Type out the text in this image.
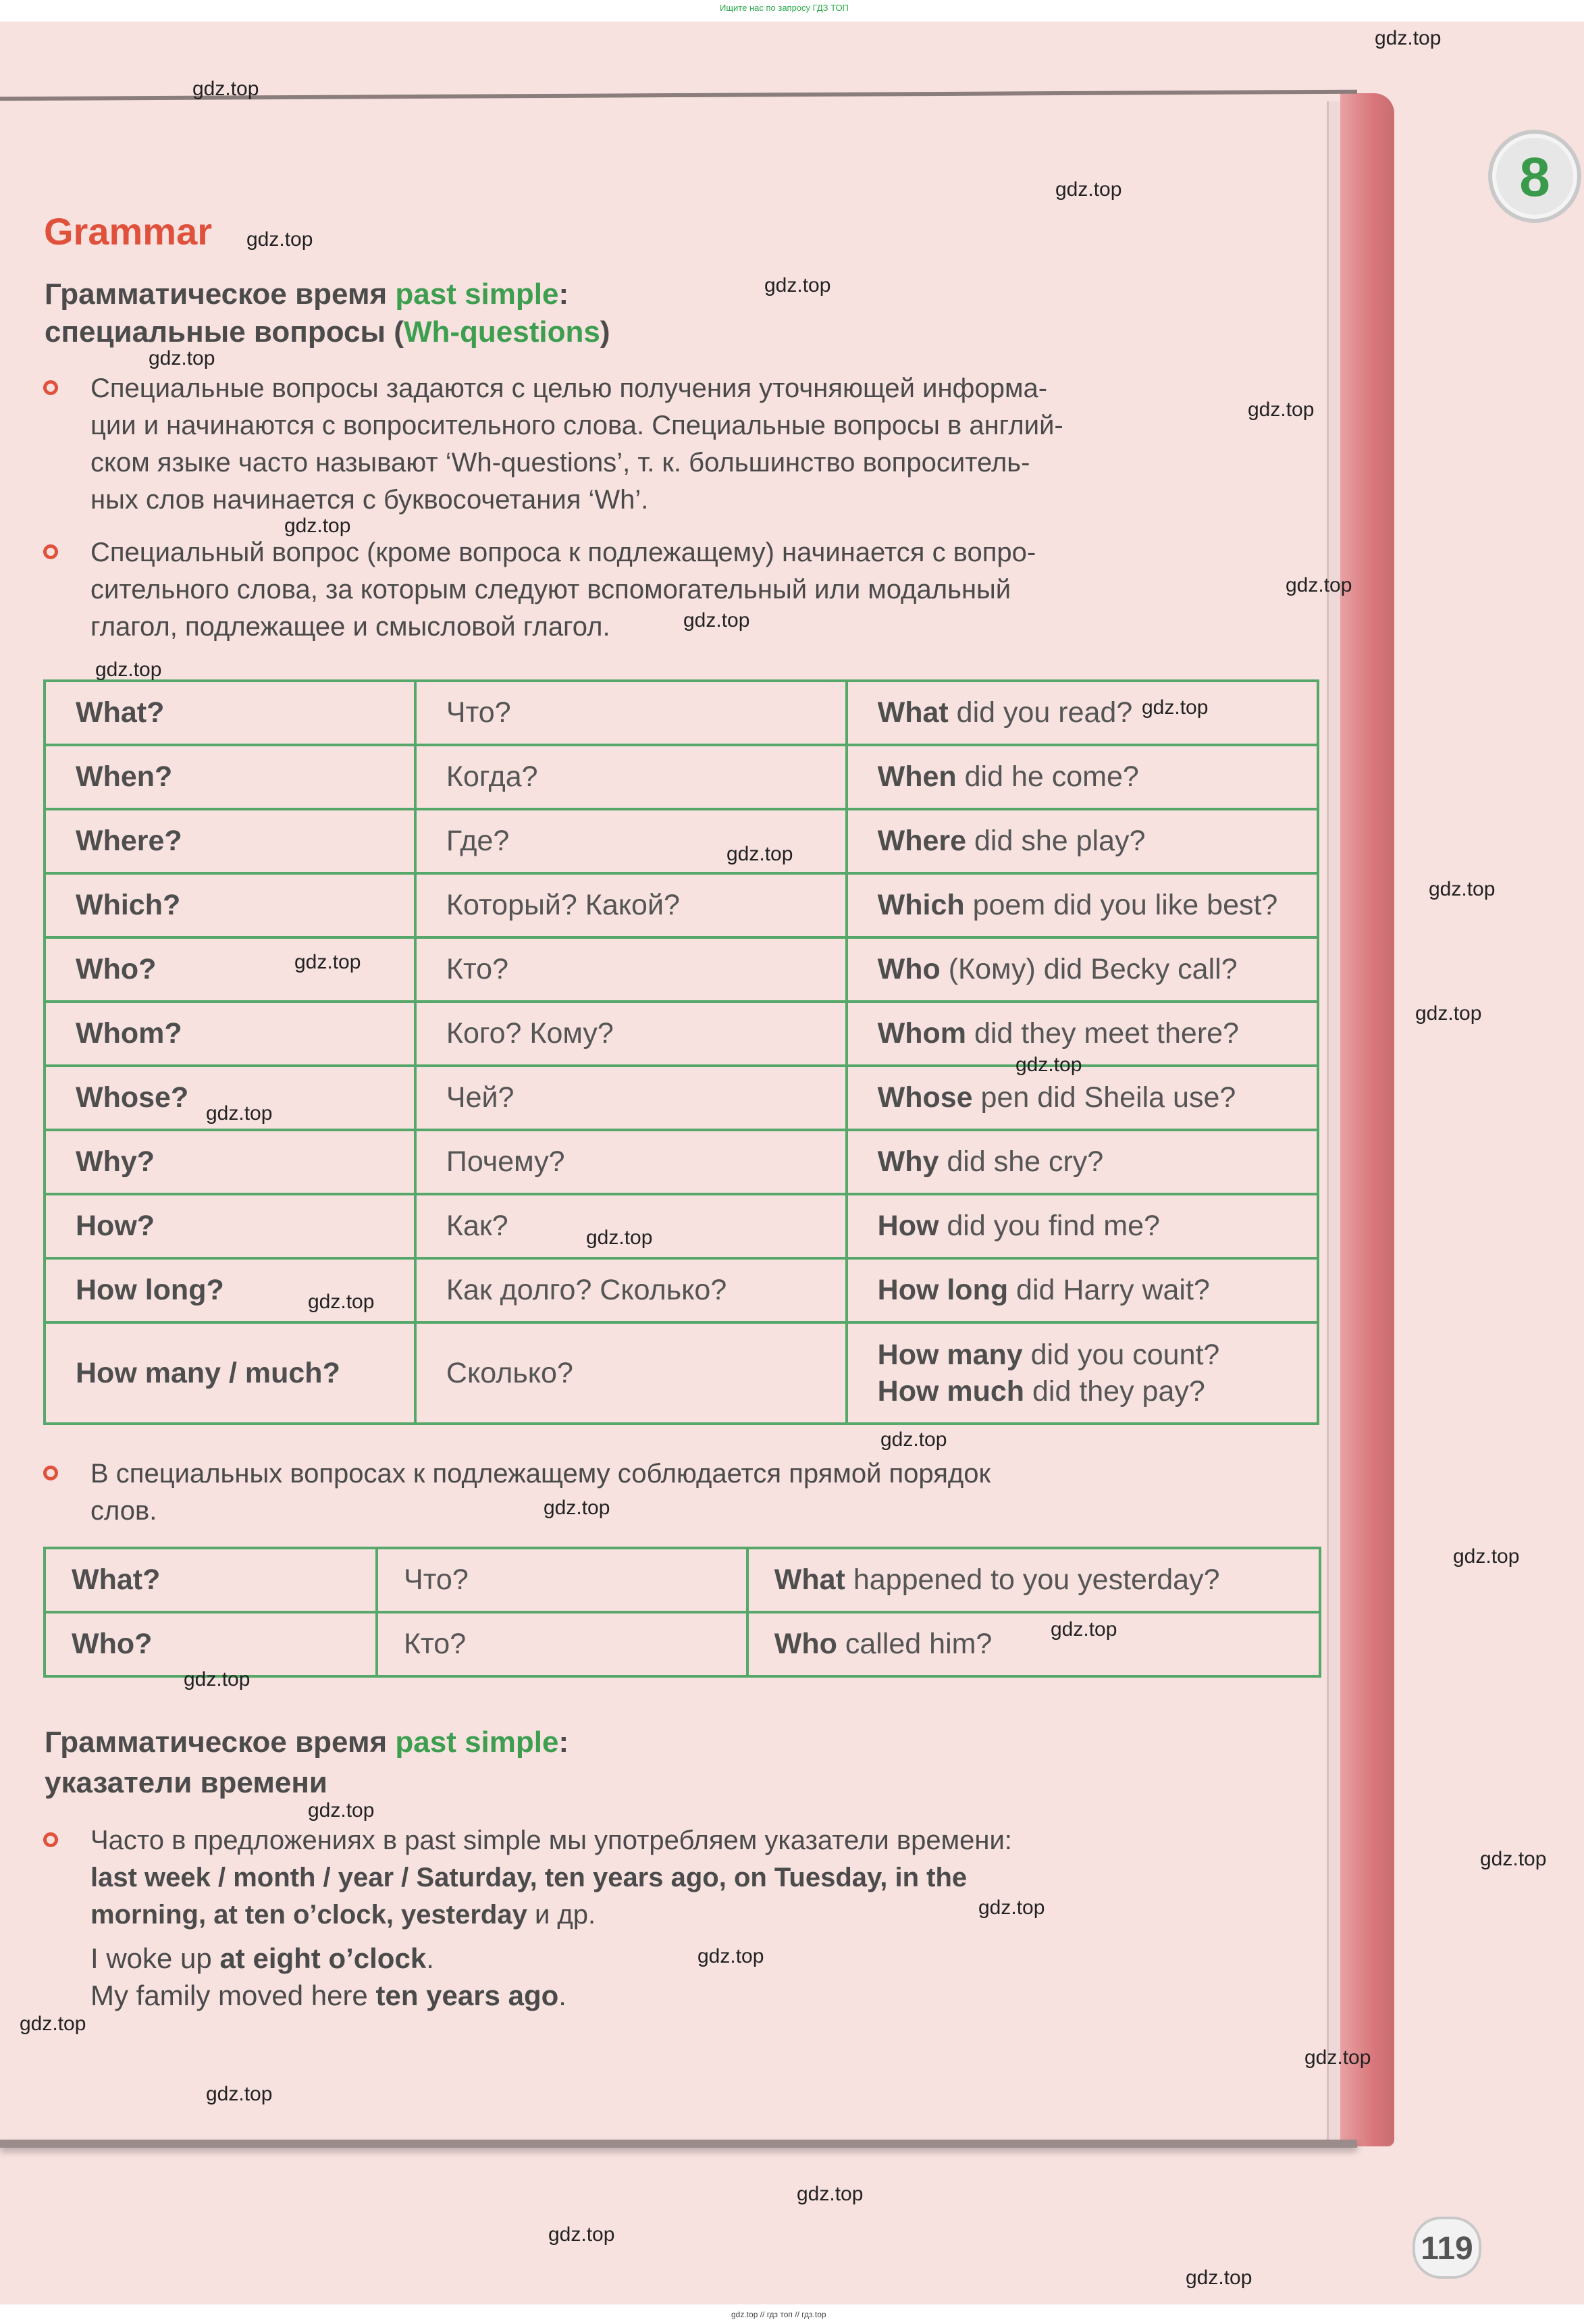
Ищите нас по запросу ГДЗ ТОП
8
Grammar
Грамматическое время past simple:
специальные вопросы (Wh-questions)
Специальные вопросы задаются с целью получения уточняющей информа-
ции и начинаются с вопросительного слова. Специальные вопросы в англий-
ском языке часто называют ‘Wh-questions’, т. к. большинство вопроситель-
ных слов начинается с буквосочетания ‘Wh’.
Специальный вопрос (кроме вопроса к подлежащему) начинается с вопро-
сительного слова, за которым следуют вспомогательный или модальный
глагол, подлежащее и смысловой глагол.
What?	Что?	What did you read?
When?	Когда?	When did he come?
Where?	Где?	Where did she play?
Which?	Который? Какой?	Which poem did you like best?
Who?	Кто?	Who (Кому) did Becky call?
Whom?	Кого? Кому?	Whom did they meet there?
Whose?	Чей?	Whose pen did Sheila use?
Why?	Почему?	Why did she cry?
How?	Как?	How did you find me?
How long?	Как долго? Сколько?	How long did Harry wait?
How many / much?	Сколько?	How many did you count?
How much did they pay?
В специальных вопросах к подлежащему соблюдается прямой порядок
слов.
What?	Что?	What happened to you yesterday?
Who?	Кто?	Who called him?
Грамматическое время past simple:
указатели времени
Часто в предложениях в past simple мы употребляем указатели времени:
last week / month / year / Saturday, ten years ago, on Tuesday, in the
morning, at ten o’clock, yesterday и др.
I woke up at eight o’clock.
My family moved here ten years ago.
119
gdz.top // гдз топ // гдз.top
gdz.top
gdz.top
gdz.top
gdz.top
gdz.top
gdz.top
gdz.top
gdz.top
gdz.top
gdz.top
gdz.top
gdz.top
gdz.top
gdz.top
gdz.top
gdz.top
gdz.top
gdz.top
gdz.top
gdz.top
gdz.top
gdz.top
gdz.top
gdz.top
gdz.top
gdz.top
gdz.top
gdz.top
gdz.top
gdz.top
gdz.top
gdz.top
gdz.top
gdz.top
gdz.top
